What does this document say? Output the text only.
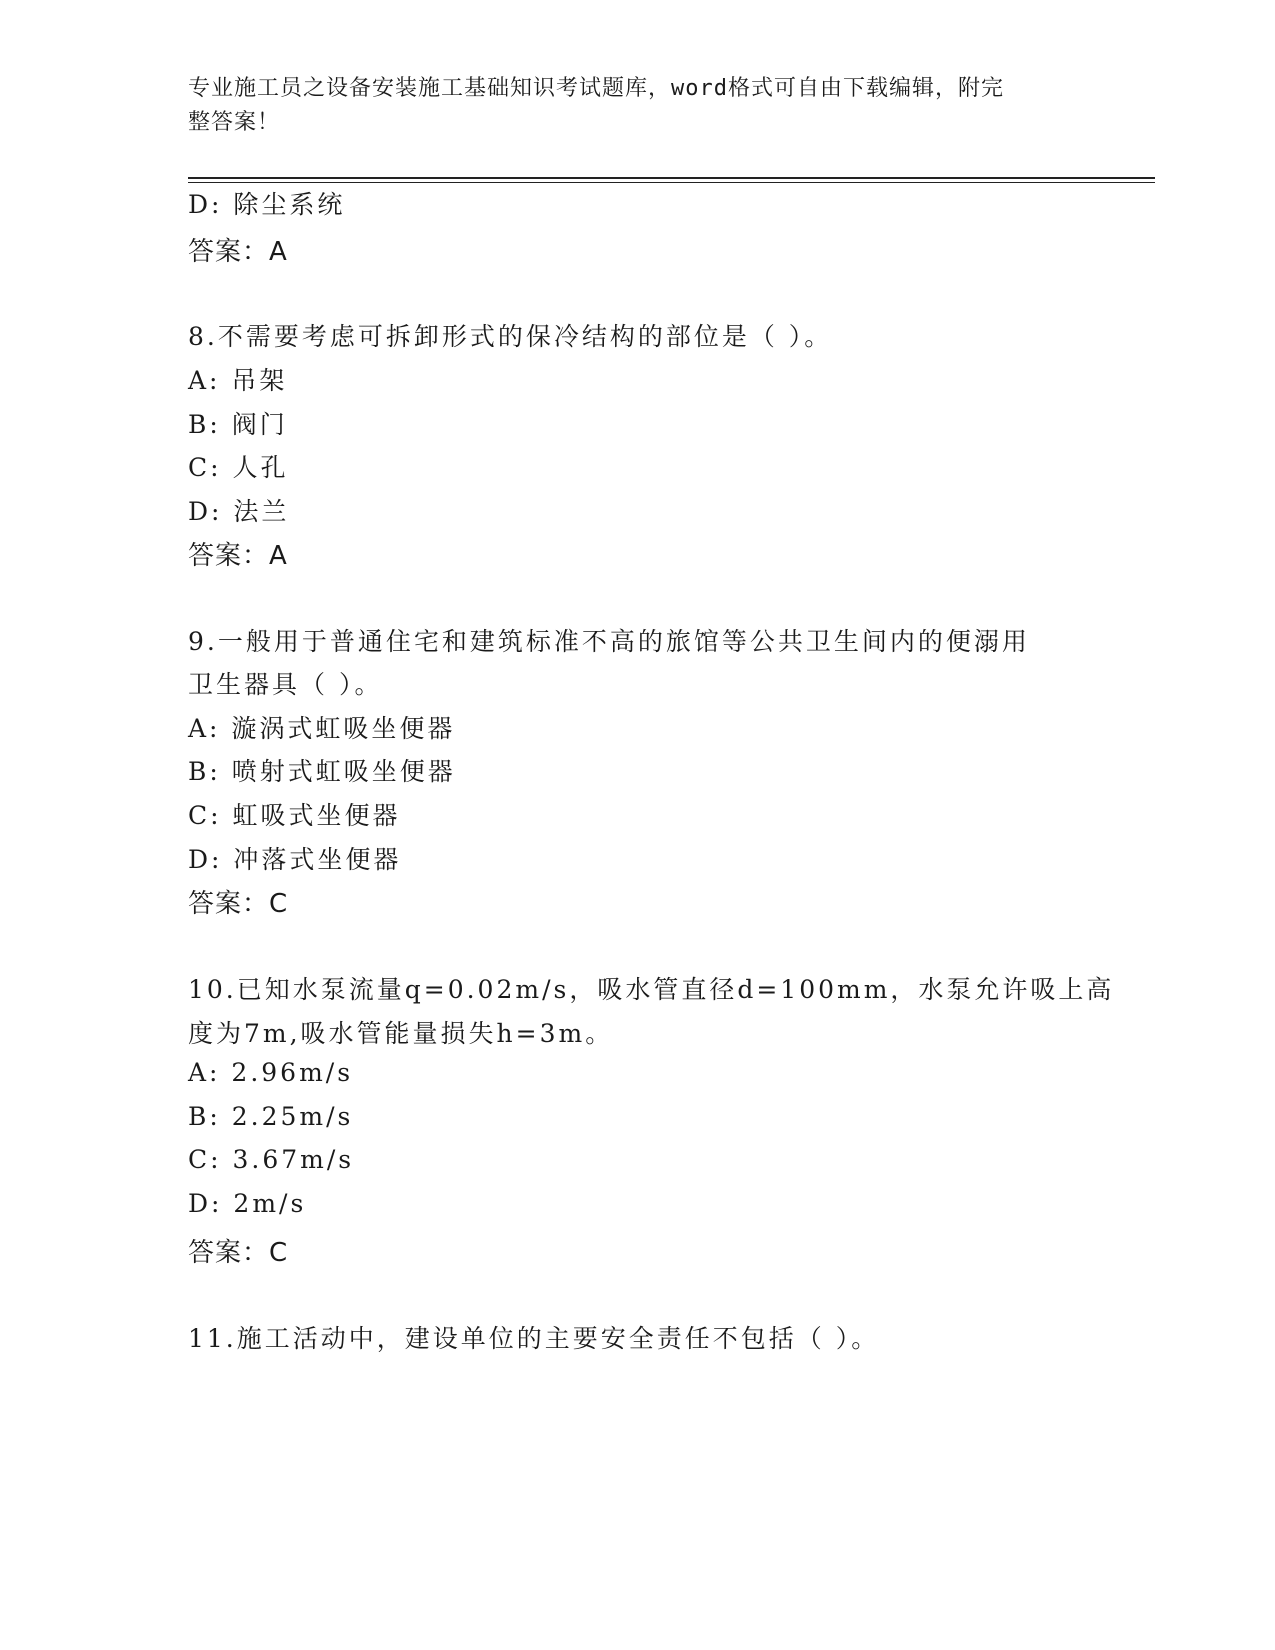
专业施工员之设备安装施工基础知识考试题库，word格式可自由下载编辑，附完
整答案！
D: 除尘系统
答案：A
8.不需要考虑可拆卸形式的保冷结构的部位是（ ）。
A: 吊架
B: 阀门
C: 人孔
D: 法兰
答案：A
9.一般用于普通住宅和建筑标准不高的旅馆等公共卫生间内的便溺用
卫生器具（ ）。
A: 漩涡式虹吸坐便器
B: 喷射式虹吸坐便器
C: 虹吸式坐便器
D: 冲落式坐便器
答案：C
10.已知水泵流量q=0.02m/s，吸水管直径d=100mm，水泵允许吸上高
度为7m,吸水管能量损失h=3m。
A: 2.96m/s
B: 2.25m/s
C: 3.67m/s
D: 2m/s
答案：C
11.施工活动中，建设单位的主要安全责任不包括（ ）。
